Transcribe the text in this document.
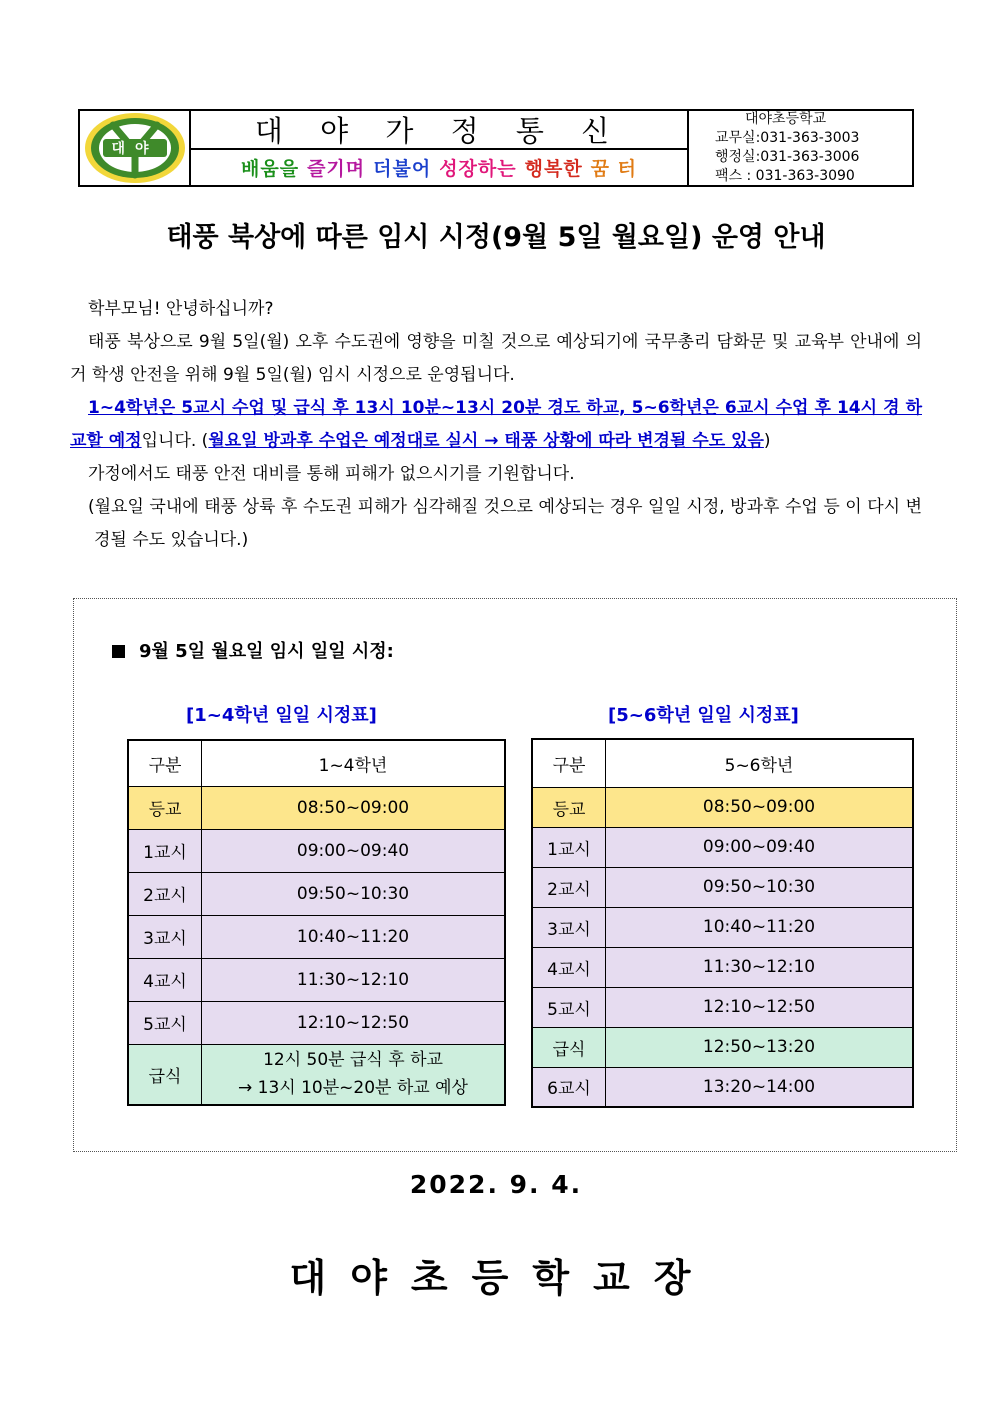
대야
대 야 가 정 통 신
배움을 즐기며 더불어 성장하는 행복한 꿈 터
대야초등학교
교무실:031-363-3003
행정실:031-363-3006
팩스 : 031-363-3090
태풍 북상에 따른 임시 시정(9월 5일 월요일) 운영 안내

학부모님! 안녕하십니까?

태풍 북상으로 9월 5일(월) 오후 수도권에 영향을 미칠 것으로 예상되기에 국무총리 담화문 및 교육부 안내에 의거 학생 안전을 위해 9월 5일(월) 임시 시정으로 운영됩니다.

1~4학년은 5교시 수업 및 급식 후 13시 10분~13시 20분 경도 하교, 5~6학년은 6교시 수업 후 14시 경 하교할 예정입니다. (월요일 방과후 수업은 예정대로 실시 → 태풍 상황에 따라 변경될 수도 있음)

가정에서도 태풍 안전 대비를 통해 피해가 없으시기를 기원합니다.

(월요일 국내에 태풍 상륙 후 수도권 피해가 심각해질 것으로 예상되는 경우 일일 시정, 방과후 수업 등 이 다시 변경될 수도 있습니다.)

9월 5일 월요일 임시 일일 시정:
[1~4학년 일일 시정표]	[5~6학년 일일 시정표]
구분	1~4학년
등교	08:50~09:00
1교시	09:00~09:40
2교시	09:50~10:30
3교시	10:40~11:20
4교시	11:30~12:10
5교시	12:10~12:50
급식	12시 50분 급식 후 하교
→ 13시 10분~20분 하교 예상
구분	5~6학년
등교	08:50~09:00
1교시	09:00~09:40
2교시	09:50~10:30
3교시	10:40~11:20
4교시	11:30~12:10
5교시	12:10~12:50
급식	12:50~13:20
6교시	13:20~14:00
2022. 9. 4.
대야초등학교장
